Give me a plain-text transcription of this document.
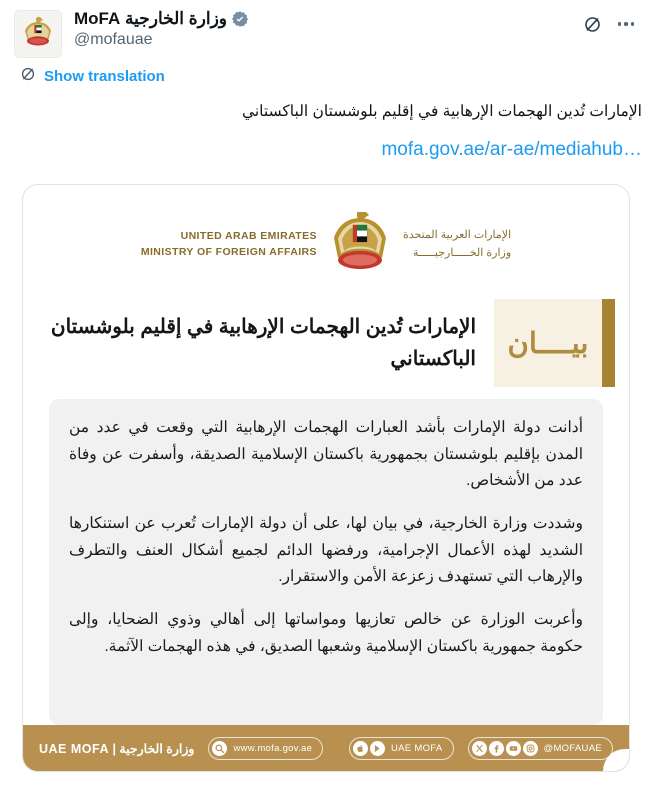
وزارة الخارجية MoFA
@mofauae
Show translation
الإمارات تُدين الهجمات الإرهابية في إقليم بلوشستان الباكستاني
mofa.gov.ae/ar-ae/mediahub…
UNITED ARAB EMIRATES
MINISTRY OF FOREIGN AFFAIRS
الإمارات العربية المتحدة
وزارة الخـــــارجيـــــة
الإمارات تُدين الهجمات الإرهابية في إقليم بلوشستان الباكستاني	بيــــان

أدانت دولة الإمارات بأشد العبارات الهجمات الإرهابية التي وقعت في عدد من المدن بإقليم بلوشستان بجمهورية باكستان الإسلامية الصديقة، وأسفرت عن وفاة عدد من الأشخاص.

وشددت وزارة الخارجية، في بيان لها، على أن دولة الإمارات تُعرب عن استنكارها الشديد لهذه الأعمال الإجرامية، ورفضها الدائم لجميع أشكال العنف والتطرف والإرهاب التي تستهدف زعزعة الأمن والاستقرار.

وأعربت الوزارة عن خالص تعازيها ومواساتها إلى أهالي وذوي الضحايا، وإلى حكومة جمهورية باكستان الإسلامية وشعبها الصديق، في هذه الهجمات الآثمة.

وزارة الخارجية | UAE MOFA	www.mofa.gov.ae	UAE MOFA	@MOFAUAE
